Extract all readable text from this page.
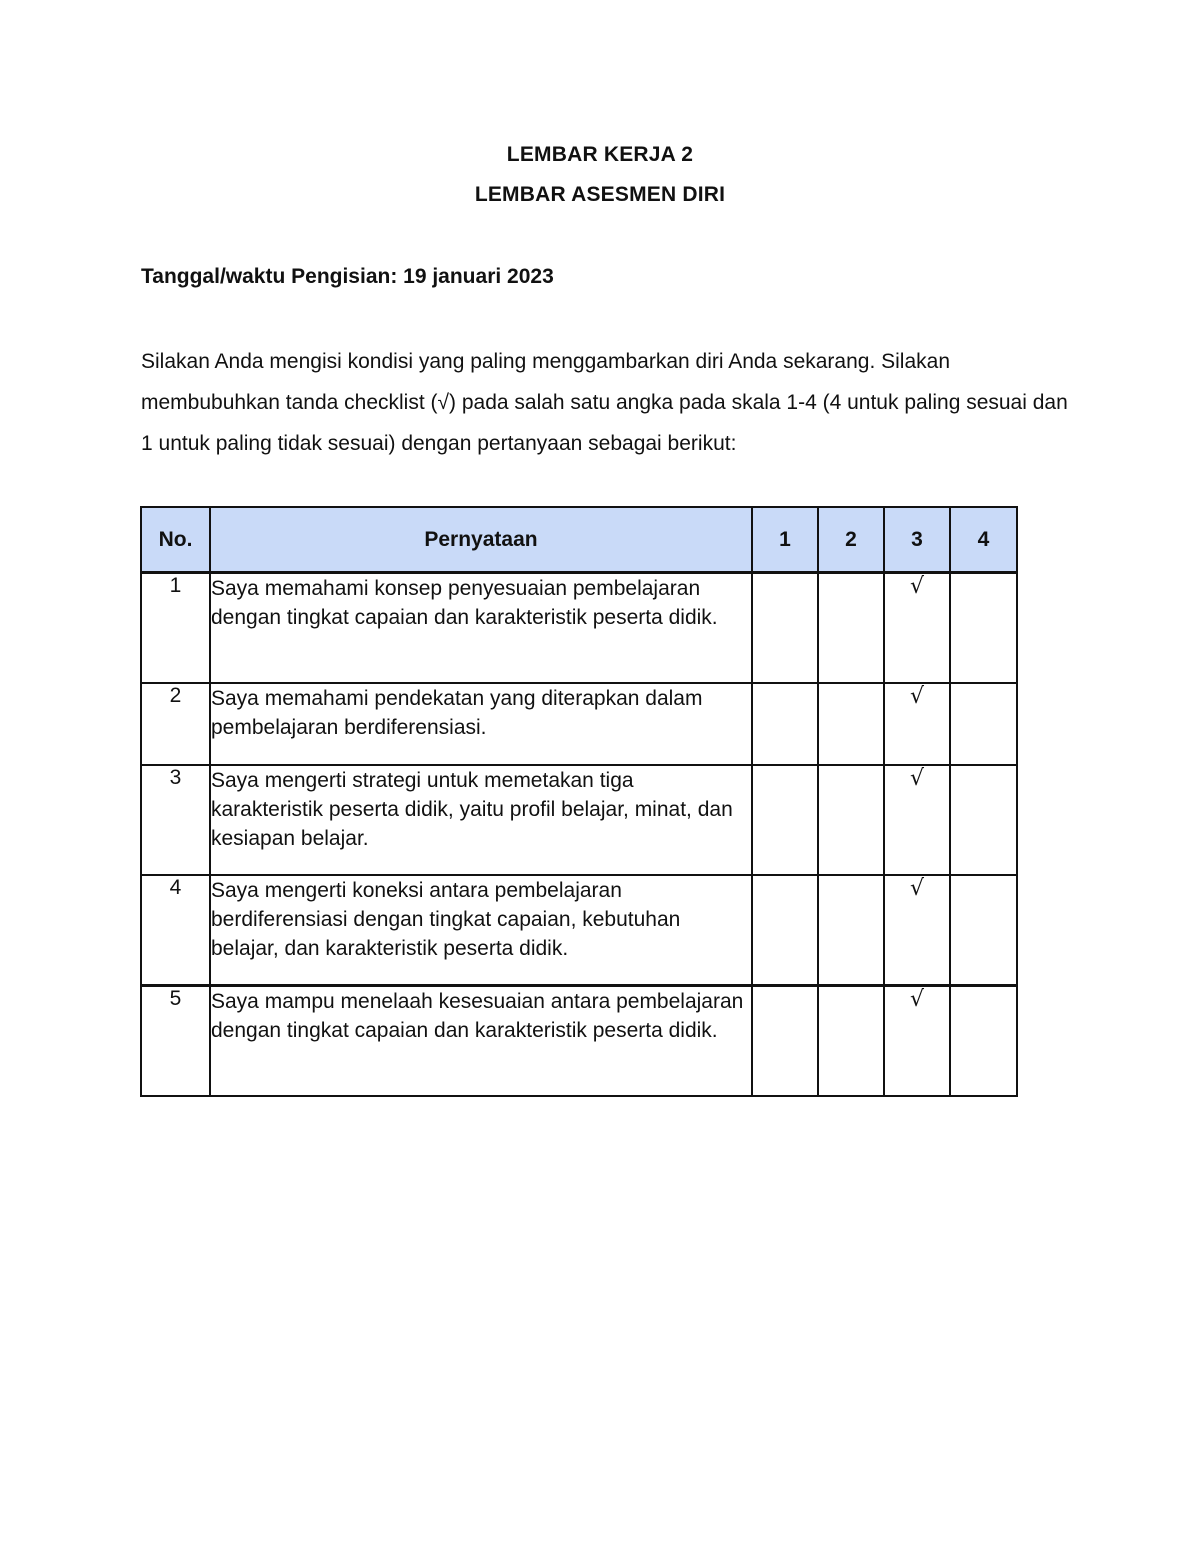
LEMBAR KERJA 2
LEMBAR ASESMEN DIRI
Tanggal/waktu Pengisian: 19 januari 2023

Silakan Anda mengisi kondisi yang paling menggambarkan diri Anda sekarang. Silakan membubuhkan tanda checklist (√) pada salah satu angka pada skala 1-4 (4 untuk paling sesuai dan 1 untuk paling tidak sesuai) dengan pertanyaan sebagai berikut:

No.	Pernyataan	1	2	3	4
1	Saya memahami konsep penyesuaian pembelajaran dengan tingkat capaian dan karakteristik peserta didik.			√	
2	Saya memahami pendekatan yang diterapkan dalam pembelajaran berdiferensiasi.			√	
3	Saya mengerti strategi untuk memetakan tiga karakteristik peserta didik, yaitu profil belajar, minat, dan kesiapan belajar.			√	
4	Saya mengerti koneksi antara pembelajaran berdiferensiasi dengan tingkat capaian, kebutuhan belajar, dan karakteristik peserta didik.			√	
5	Saya mampu menelaah kesesuaian antara pembelajaran dengan tingkat capaian dan karakteristik peserta didik.			√	
